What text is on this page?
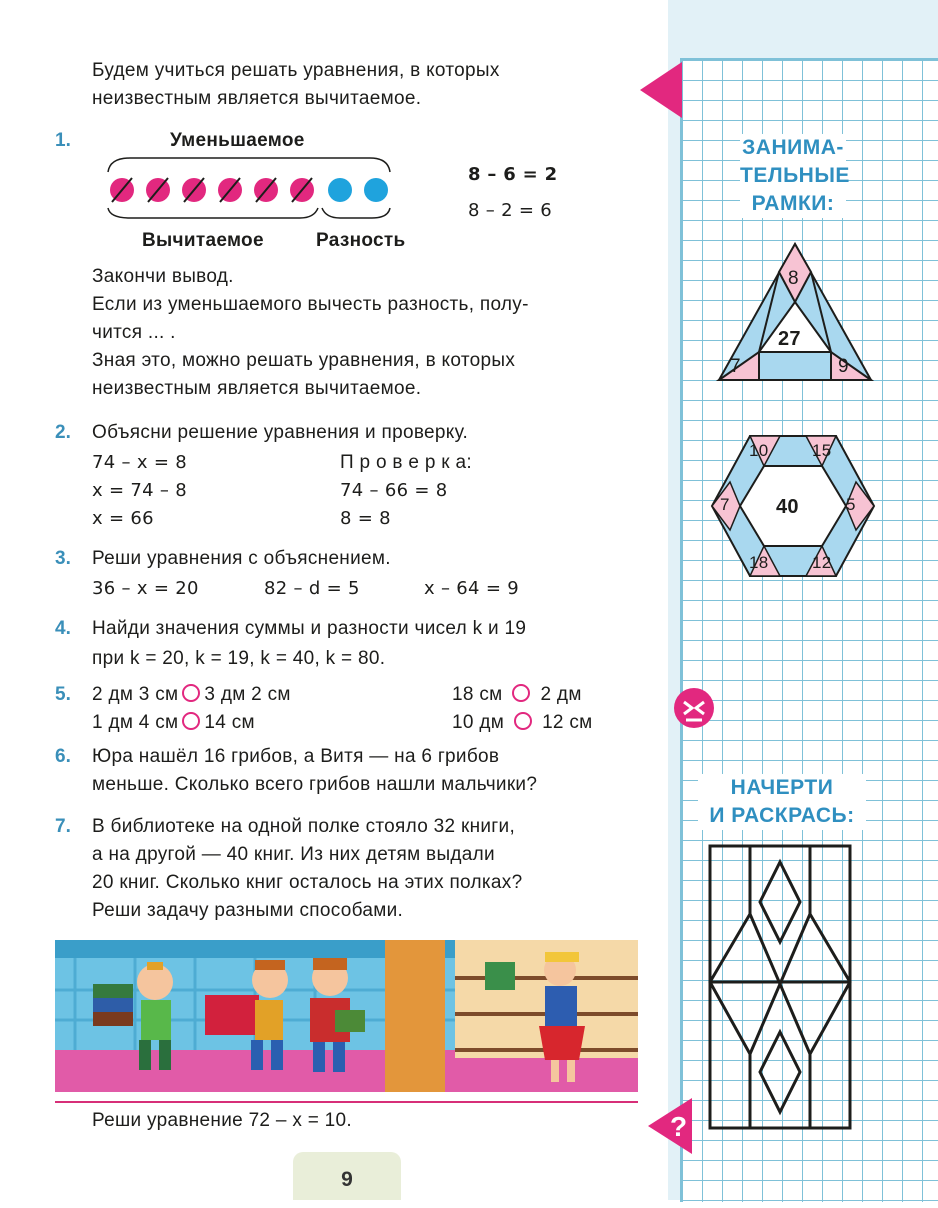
Будем учиться решать уравнения, в которых
неизвестным является вычитаемое.
1.	Уменьшаемое
Вычитаемое	Разность
8 – 6 = 2
8 – 2 = 6
Закончи вывод.
Если из уменьшаемого вычесть разность, полу-
чится ... .
Зная это, можно решать уравнения, в которых
неизвестным является вычитаемое.
2. Объясни решение уравнения и проверку.
74 – x = 8
x = 74 – 8
x = 66
П р о в е р к а:
74 – 66 = 8
8 = 8
3. Реши уравнения с объяснением.
36 – x = 20	82 – d = 5	x – 64 = 9
4. Найди значения суммы и разности чисел k и 19
при k = 20, k = 19, k = 40, k = 80.
5. 2 дм 3 см 3 дм 2 см	18 см 2 дм
1 дм 4 см 14 см	10 дм 12 см
6. Юра нашёл 16 грибов, а Витя — на 6 грибов
меньше. Сколько всего грибов нашли мальчики?
7. В библиотеке на одной полке стояло 32 книги,
а на другой — 40 книг. Из них детям выдали
20 книг. Сколько книг осталось на этих полках?
Реши задачу разными способами.
Реши уравнение 72 – x = 10.
9
ЗАНИМА-
ТЕЛЬНЫЕ
РАМКИ:
27
8
7	9
40
10	15
7	5
18	12
НАЧЕРТИ
И РАСКРАСЬ:
?
